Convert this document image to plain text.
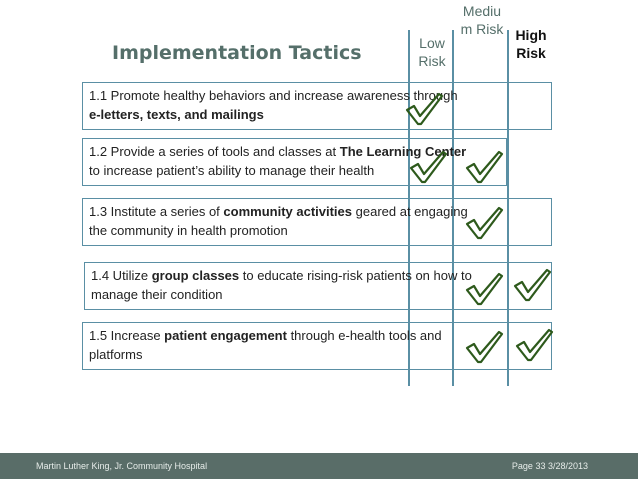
Implementation Tactics	Low Risk
Medium Risk High Risk
1.1 Promote healthy behaviors and increase awareness through
e-letters, texts, and mailings
1.2 Provide a series of tools and classes at The Learning Center
to increase patient’s ability to manage their health
1.3 Institute a series of community activities geared at engaging
the community in health promotion
1.4 Utilize group classes to educate rising-risk patients on how to
manage their condition
1.5 Increase patient engagement through e-health tools and
platforms
Martin Luther King, Jr. Community Hospital	Page 33 3/28/2013
